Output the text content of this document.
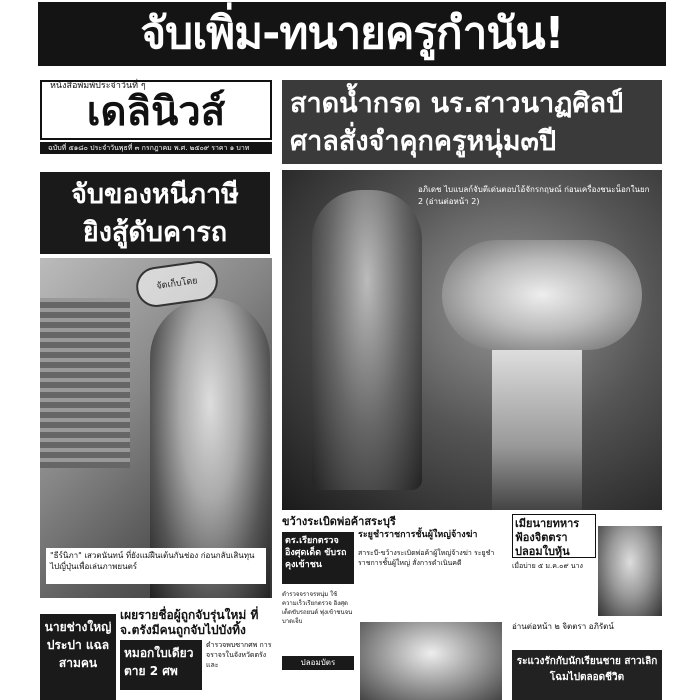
จับเพิ่ม-ทนายครูกำนัน!
หนังสือพิมพ์ประจำวันที่ ๆ
เดลินิวส์
ฉบับที่ ๕๑๘๐ ประจำวันพุธที่ ๓ กรกฎาคม พ.ศ. ๒๕๐๙ ราคา ๑ บาท
สาดน้ำกรด นร.สาวนาฏศิลป์
ศาลสั่งจำคุกครูหนุ่ม๓ปี
จับของหนีภาษี
ยิงสู้ดับคารถ
จัดเก็บโดย
"ธีร์นิภา" เสวตนันทน์ ที่ยังแม่ฝืนเต้นกันช่อง ก่อนกลับเสินทุนไปญี่ปุ่นเพื่อเล่นภาพยนตร์
อภิเดช ไบแบลก์จับตีเด่นตอบไอ้จักรกฤษณ์ ก่อนเครื่องชนะน็อกในยก 2 (อ่านต่อหน้า 2)
ขว้างระเบิดพ่อค้าสระบุรี
ระยูชำราชการชั้นผู้ใหญ่จ้างฆ่า
ตร.เรียกตรวจ อิงศุดเด็ด ขับรถคุงเข้าชน
สาระบี-ขว้างระเบิดพ่อค้าผู้ใหญ่จ้างฆ่า ระยูชำราชการชั้นผู้ใหญ่ สั่งการดำเนินคดี
ตำรวจจราจรหนุ่ม ใช้ความเร็วเรียกตรวจ อิงศุดเด็ดขับรถยนต์ พุ่งเข้าชนจนบาดเจ็บ
ปลอมบัตร
เมียนายทหาร ฟ้องจิตตรา ปลอมใบหุ้น
เมื่อบ่าย ๕ ม.ค.๐๙ นาง
อ่านต่อหน้า ๒ จิตตรา อภิรัตน์
ระแวงรักกับนักเรียนชาย สาวเลิกโฉมไปตลอดชีวิต
นายช่างใหญ่ ประปา แฉลสามคน
เผยรายชื่อผู้ถูกจับรุ่นใหม่ ที่ จ.ตรังมีคนถูกจับไปบังทิ้ง
หมอกใบเดียว ตาย 2 ศพ
ตำรวจพบซากศพ การจราจรในจังหวัดตรัง และ
